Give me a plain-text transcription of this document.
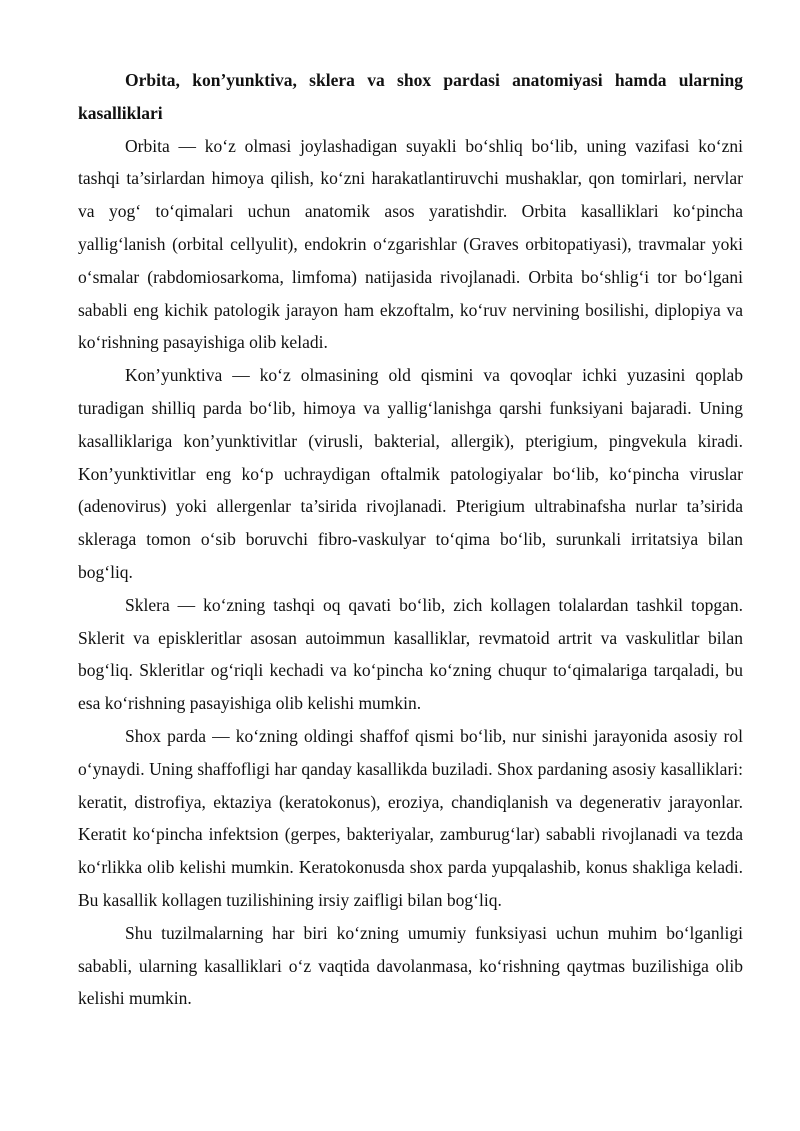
Orbita, kon’yunktiva, sklera va shox pardasi anatomiyasi hamda ularning kasalliklari

Orbita — ko‘z olmasi joylashadigan suyakli bo‘shliq bo‘lib, uning vazifasi ko‘zni tashqi ta’sirlardan himoya qilish, ko‘zni harakatlantiruvchi mushaklar, qon tomirlari, nervlar va yog‘ to‘qimalari uchun anatomik asos yaratishdir. Orbita kasalliklari ko‘pincha yallig‘lanish (orbital cellyulit), endokrin o‘zgarishlar (Graves orbitopatiyasi), travmalar yoki o‘smalar (rabdomiosarkoma, limfoma) natijasida rivojlanadi. Orbita bo‘shlig‘i tor bo‘lgani sababli eng kichik patologik jarayon ham ekzoftalm, ko‘ruv nervining bosilishi, diplopiya va ko‘rishning pasayishiga olib keladi.

Kon’yunktiva — ko‘z olmasining old qismini va qovoqlar ichki yuzasini qoplab turadigan shilliq parda bo‘lib, himoya va yallig‘lanishga qarshi funksiyani bajaradi. Uning kasalliklariga kon’yunktivitlar (virusli, bakterial, allergik), pterigium, pingvekula kiradi. Kon’yunktivitlar eng ko‘p uchraydigan oftalmik patologiyalar bo‘lib, ko‘pincha viruslar (adenovirus) yoki allergenlar ta’sirida rivojlanadi. Pterigium ultrabinafsha nurlar ta’sirida skleraga tomon o‘sib boruvchi fibro-vaskulyar to‘qima bo‘lib, surunkali irritatsiya bilan bog‘liq.

Sklera — ko‘zning tashqi oq qavati bo‘lib, zich kollagen tolalardan tashkil topgan. Sklerit va episkleritlar asosan autoimmun kasalliklar, revmatoid artrit va vaskulitlar bilan bog‘liq. Skleritlar og‘riqli kechadi va ko‘pincha ko‘zning chuqur to‘qimalariga tarqaladi, bu esa ko‘rishning pasayishiga olib kelishi mumkin.

Shox parda — ko‘zning oldingi shaffof qismi bo‘lib, nur sinishi jarayonida asosiy rol o‘ynaydi. Uning shaffofligi har qanday kasallikda buziladi. Shox pardaning asosiy kasalliklari: keratit, distrofiya, ektaziya (keratokonus), eroziya, chandiqlanish va degenerativ jarayonlar. Keratit ko‘pincha infektsion (gerpes, bakteriyalar, zamburug‘lar) sababli rivojlanadi va tezda ko‘rlikka olib kelishi mumkin. Keratokonusda shox parda yupqalashib, konus shakliga keladi. Bu kasallik kollagen tuzilishining irsiy zaifligi bilan bog‘liq.

Shu tuzilmalarning har biri ko‘zning umumiy funksiyasi uchun muhim bo‘lganligi sababli, ularning kasalliklari o‘z vaqtida davolanmasa, ko‘rishning qaytmas buzilishiga olib kelishi mumkin.
